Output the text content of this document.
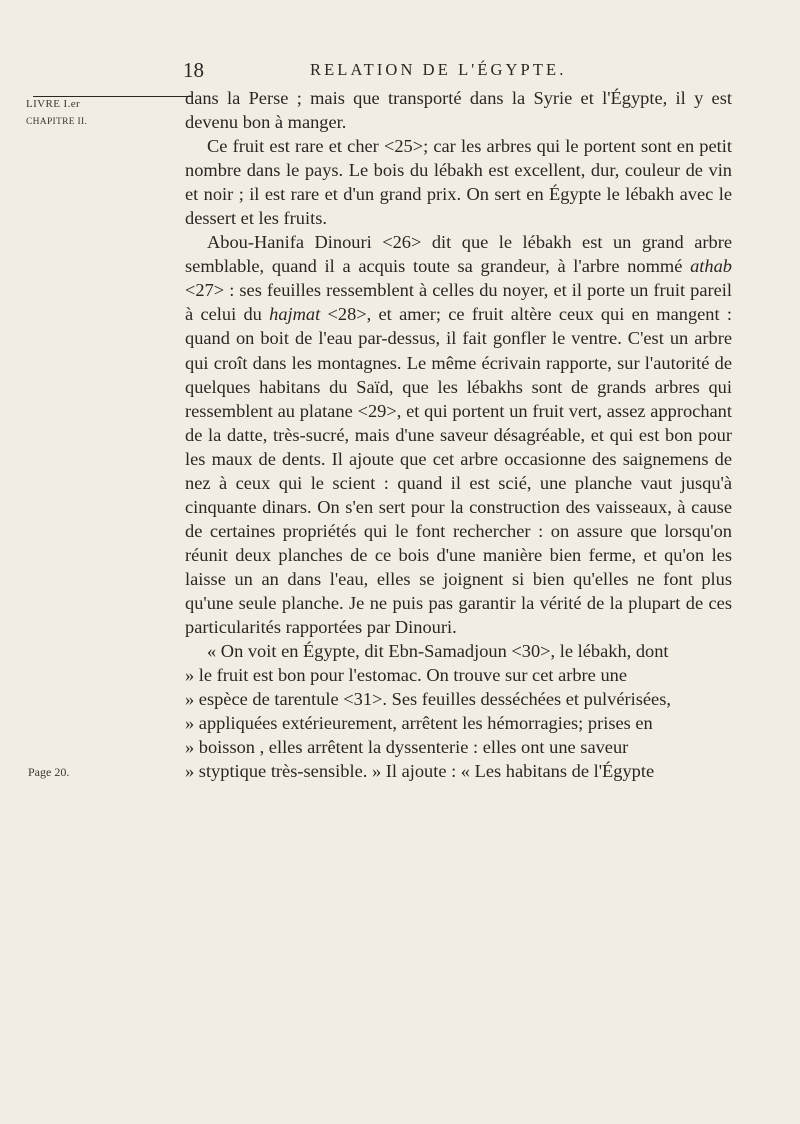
18	RELATION DE L'ÉGYPTE.
LIVRE I.er
CHAPITRE II.
Page 20.

dans la Perse ; mais que transporté dans la Syrie et l'Égypte, il y est devenu bon à manger.

Ce fruit est rare et cher <25>; car les arbres qui le portent sont en petit nombre dans le pays. Le bois du lébakh est excellent, dur, couleur de vin et noir ; il est rare et d'un grand prix. On sert en Égypte le lébakh avec le dessert et les fruits.

Abou-Hanifa Dinouri <26> dit que le lébakh est un grand arbre semblable, quand il a acquis toute sa grandeur, à l'arbre nommé athab <27> : ses feuilles ressemblent à celles du noyer, et il porte un fruit pareil à celui du hajmat <28>, et amer; ce fruit altère ceux qui en mangent : quand on boit de l'eau par-dessus, il fait gonfler le ventre. C'est un arbre qui croît dans les montagnes. Le même écrivain rapporte, sur l'autorité de quelques habitans du Saïd, que les lébakhs sont de grands arbres qui ressemblent au platane <29>, et qui portent un fruit vert, assez approchant de la datte, très-sucré, mais d'une saveur désagréable, et qui est bon pour les maux de dents. Il ajoute que cet arbre occasionne des saignemens de nez à ceux qui le scient : quand il est scié, une planche vaut jusqu'à cinquante dinars. On s'en sert pour la construction des vaisseaux, à cause de certaines propriétés qui le font rechercher : on assure que lorsqu'on réunit deux planches de ce bois d'une manière bien ferme, et qu'on les laisse un an dans l'eau, elles se joignent si bien qu'elles ne font plus qu'une seule planche. Je ne puis pas garantir la vérité de la plupart de ces particularités rapportées par Dinouri.

« On voit en Égypte, dit Ebn-Samadjoun <30>, le lébakh, dont
» le fruit est bon pour l'estomac. On trouve sur cet arbre une
» espèce de tarentule <31>. Ses feuilles desséchées et pulvérisées,
» appliquées extérieurement, arrêtent les hémorragies; prises en
» boisson , elles arrêtent la dyssenterie : elles ont une saveur
» styptique très-sensible. » Il ajoute : « Les habitans de l'Égypte
